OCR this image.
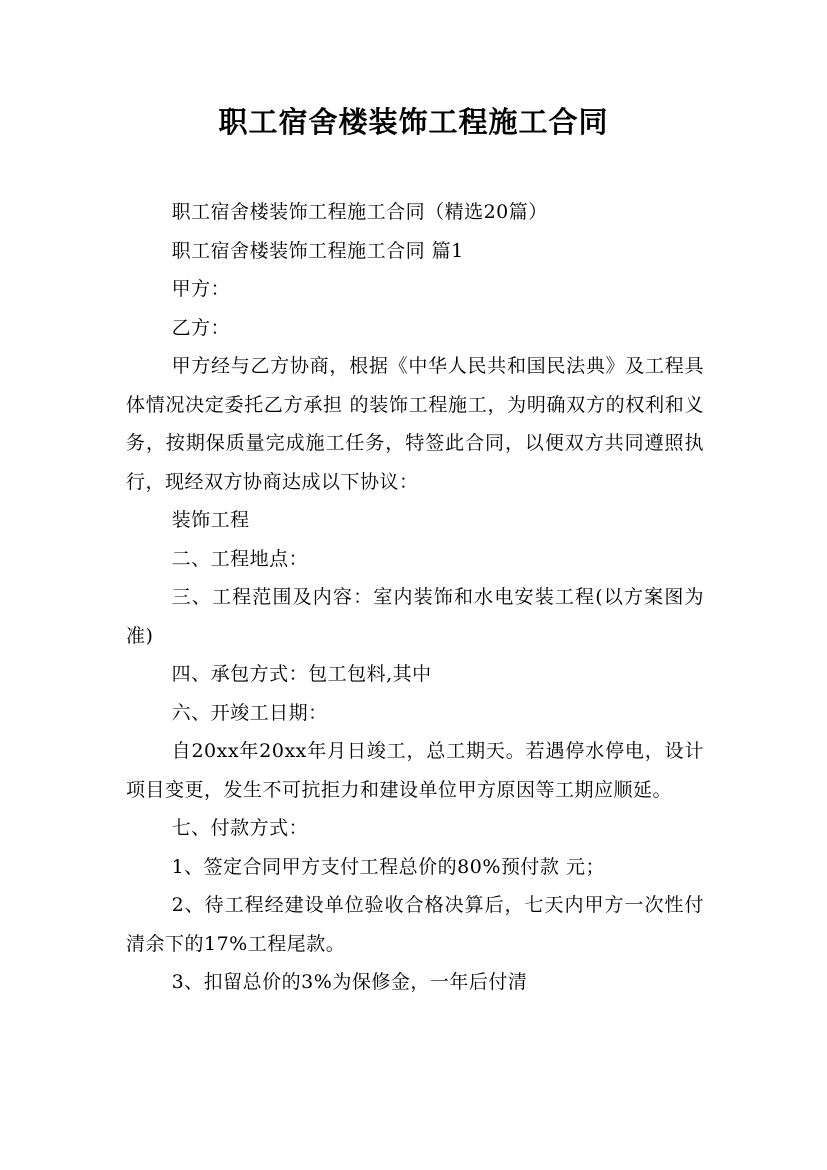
职工宿舍楼装饰工程施工合同

职工宿舍楼装饰工程施工合同（精选20篇）

职工宿舍楼装饰工程施工合同 篇1

甲方：

乙方：

甲方经与乙方协商，根据《中华人民共和国民法典》及工程具体情况决定委托乙方承担 的装饰工程施工，为明确双方的权利和义务，按期保质量完成施工任务，特签此合同，以便双方共同遵照执行，现经双方协商达成以下协议：

装饰工程

二、工程地点：

三、工程范围及内容：室内装饰和水电安装工程(以方案图为准)

四、承包方式：包工包料,其中

六、开竣工日期：

自20xx年20xx年月日竣工，总工期天。若遇停水停电，设计项目变更，发生不可抗拒力和建设单位甲方原因等工期应顺延。

七、付款方式：

1、签定合同甲方支付工程总价的80%预付款 元；

2、待工程经建设单位验收合格决算后，七天内甲方一次性付清余下的17%工程尾款。

3、扣留总价的3%为保修金，一年后付清
